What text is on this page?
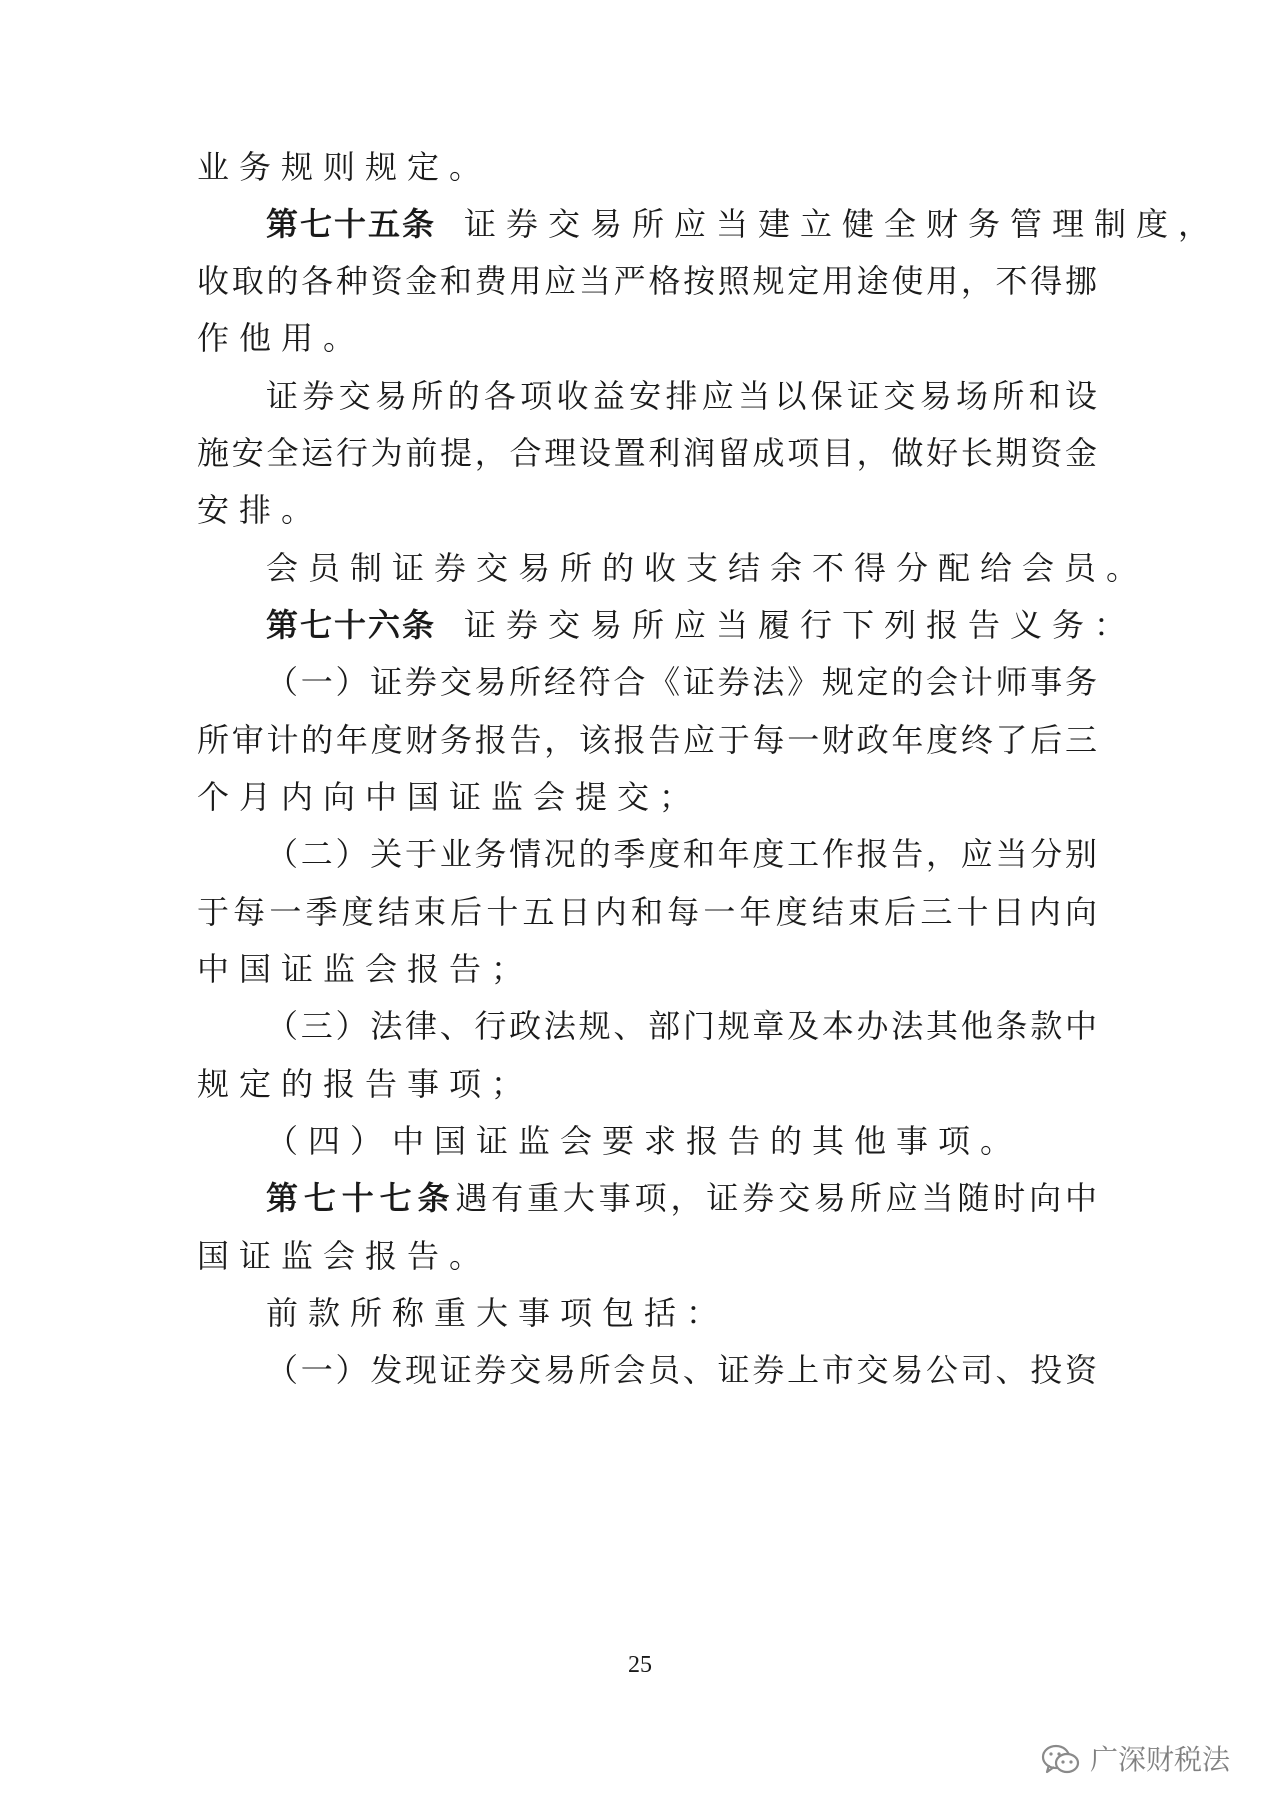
业务规则规定。
第七十五条 证券交易所应当建立健全财务管理制度，
收取的各种资金和费用应当严格按照规定用途使用，不得挪
作他用。
证券交易所的各项收益安排应当以保证交易场所和设
施安全运行为前提，合理设置利润留成项目，做好长期资金
安排。
会员制证券交易所的收支结余不得分配给会员。
第七十六条 证券交易所应当履行下列报告义务：
（一）证券交易所经符合《证券法》规定的会计师事务
所审计的年度财务报告，该报告应于每一财政年度终了后三
个月内向中国证监会提交；
（二）关于业务情况的季度和年度工作报告，应当分别
于每一季度结束后十五日内和每一年度结束后三十日内向
中国证监会报告；
（三）法律、行政法规、部门规章及本办法其他条款中
规定的报告事项；
（四）中国证监会要求报告的其他事项。
第七十七条遇有重大事项，证券交易所应当随时向中
国证监会报告。
前款所称重大事项包括：
（一）发现证券交易所会员、证券上市交易公司、投资
25
广深财税法
